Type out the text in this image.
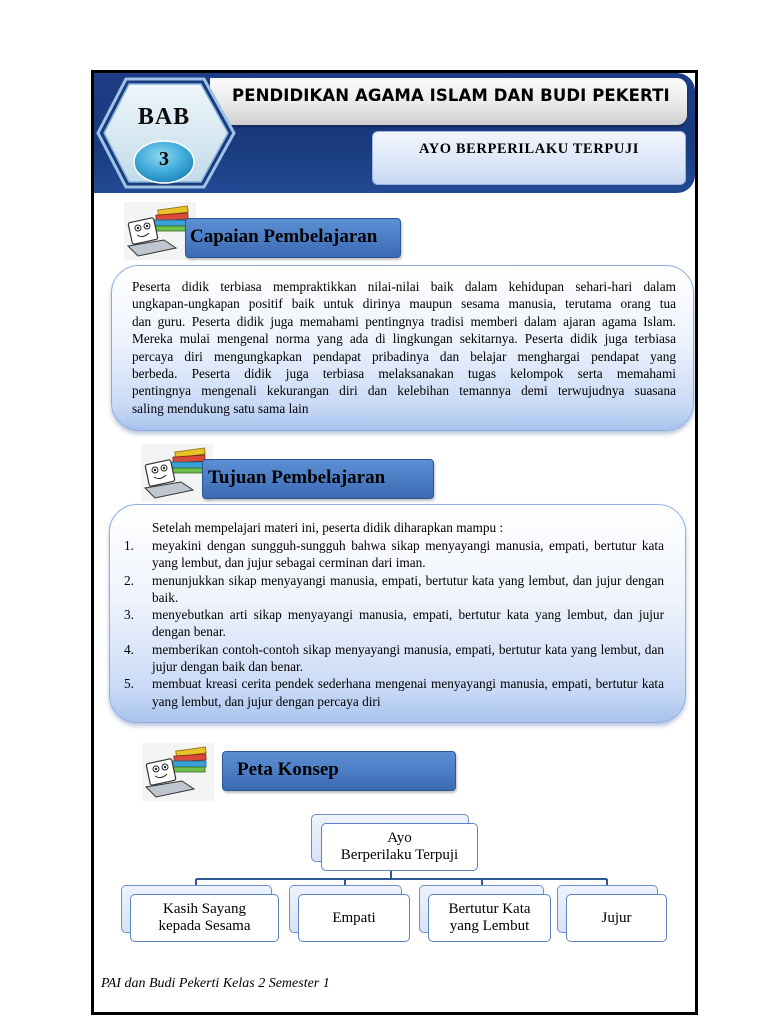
PENDIDIKAN AGAMA ISLAM DAN BUDI PEKERTI
AYO BERPERILAKU TERPUJI
BAB
3
Capaian Pembelajaran
Peserta didik terbiasa mempraktikkan nilai-nilai baik dalam kehidupan sehari-hari dalam
ungkapan-ungkapan positif baik untuk dirinya maupun sesama manusia, terutama orang tua
dan guru. Peserta didik juga memahami pentingnya tradisi memberi dalam ajaran agama Islam.
Mereka mulai mengenal norma yang ada di lingkungan sekitarnya. Peserta didik juga terbiasa
percaya diri mengungkapkan pendapat pribadinya dan belajar menghargai pendapat yang
berbeda. Peserta didik juga terbiasa melaksanakan tugas kelompok serta memahami
pentingnya mengenali kekurangan diri dan kelebihan temannya demi terwujudnya suasana
saling mendukung satu sama lain
Tujuan Pembelajaran
Setelah mempelajari materi ini, peserta didik diharapkan mampu :
1. meyakini dengan sungguh-sungguh bahwa sikap menyayangi manusia, empati, bertutur kata yang lembut, dan jujur sebagai cerminan dari iman.
2. menunjukkan sikap menyayangi manusia, empati, bertutur kata yang lembut, dan jujur dengan baik.
3. menyebutkan arti sikap menyayangi manusia, empati, bertutur kata yang lembut, dan jujur dengan benar.
4. memberikan contoh-contoh sikap menyayangi manusia, empati, bertutur kata yang lembut, dan jujur dengan baik dan benar.
5. membuat kreasi cerita pendek sederhana mengenai menyayangi manusia, empati, bertutur kata yang lembut, dan jujur dengan percaya diri
Peta Konsep
Ayo
Berperilaku Terpuji
Kasih Sayang
kepada Sesama
Empati
Bertutur Kata
yang Lembut
Jujur
PAI dan Budi Pekerti Kelas 2 Semester 1
